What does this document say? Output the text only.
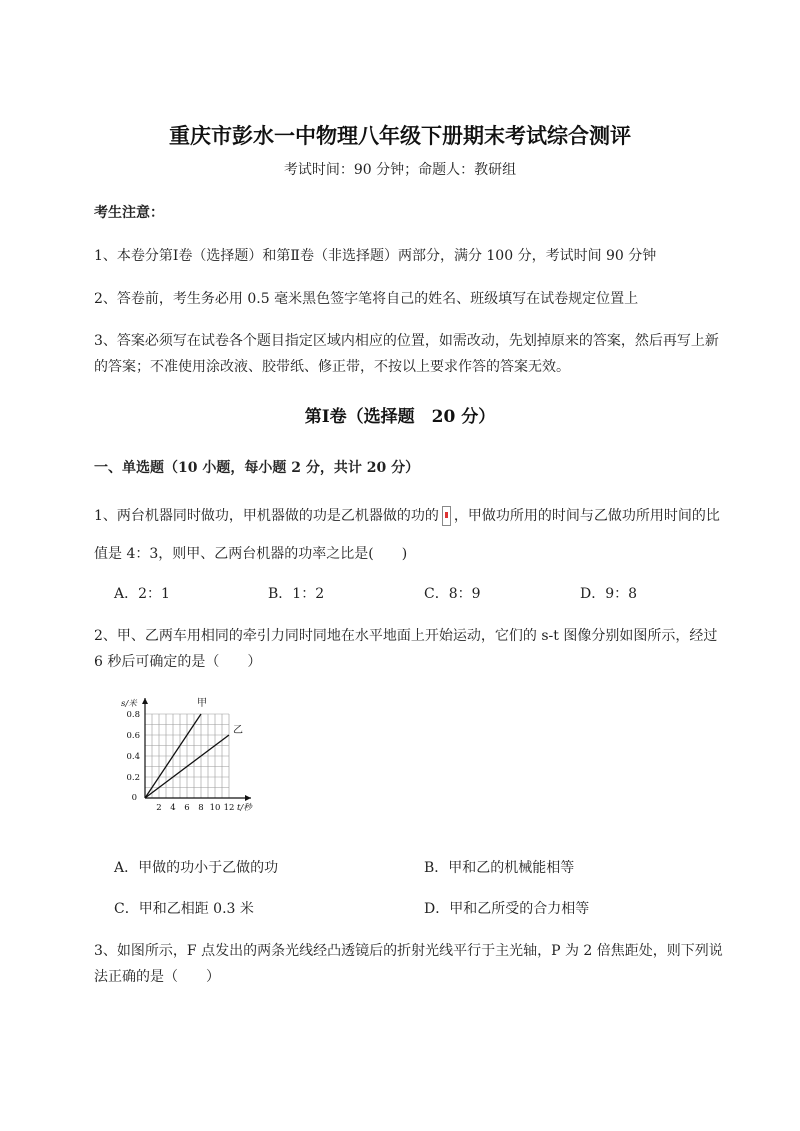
重庆市彭水一中物理八年级下册期末考试综合测评
考试时间：90 分钟；命题人：教研组
考生注意：
1、本卷分第Ⅰ卷（选择题）和第Ⅱ卷（非选择题）两部分，满分 100 分，考试时间 90 分钟
2、答卷前，考生务必用 0.5 毫米黑色签字笔将自己的姓名、班级填写在试卷规定位置上
3、答案必须写在试卷各个题目指定区域内相应的位置，如需改动，先划掉原来的答案，然后再写上新
的答案；不准使用涂改液、胶带纸、修正带，不按以上要求作答的答案无效。
第Ⅰ卷（选择题　20 分）
一、单选题（10 小题，每小题 2 分，共计 20 分）
1、两台机器同时做功，甲机器做的功是乙机器做的功的 ，甲做功所用的时间与乙做功所用时间的比
值是 4：3，则甲、乙两台机器的功率之比是(　　)
A．2：1	B．1：2	C．8：9	D．9：8
2、甲、乙两车用相同的牵引力同时同地在水平地面上开始运动，它们的 s-t 图像分别如图所示，经过
6 秒后可确定的是（　　）
甲
乙
2 4 6 8 10 12
0.8
0.6
0.4
0.2
0
s/米
t/秒
A．甲做的功小于乙做的功	B．甲和乙的机械能相等
C．甲和乙相距 0.3 米	D．甲和乙所受的合力相等
3、如图所示，F 点发出的两条光线经凸透镜后的折射光线平行于主光轴，P 为 2 倍焦距处，则下列说
法正确的是（　　）
